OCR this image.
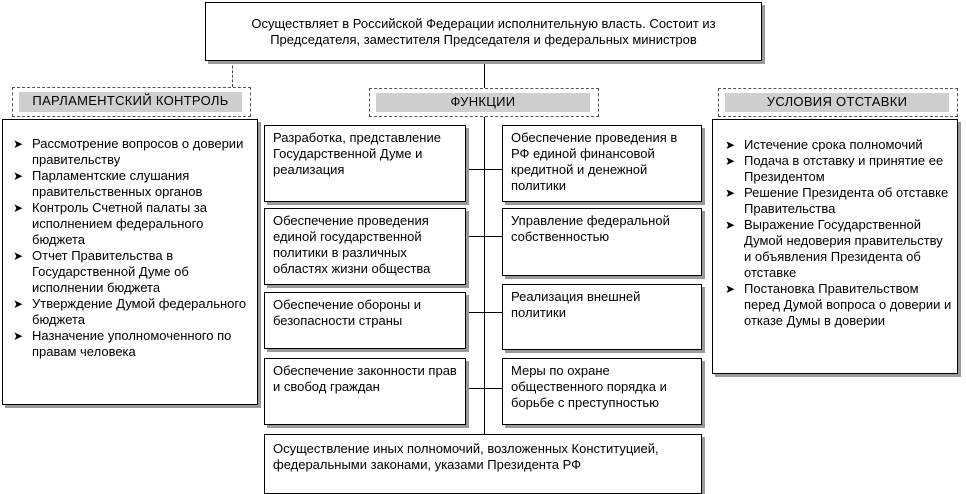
Осуществляет в Российской Федерации исполнительную власть. Состоит из Председателя, заместителя Председателя и федеральных министров
ПАРЛАМЕНТСКИЙ КОНТРОЛЬ
➤ Рассмотрение вопросов о доверии правительству
➤ Парламентские слушания правительственных органов
➤ Контроль Счетной палаты за исполнением федерального бюджета
➤ Отчет Правительства в Государственной Думе об исполнении бюджета
➤ Утверждение Думой федерального бюджета
➤ Назначение уполномоченного по правам человека
ФУНКЦИИ
Разработка, представление Государственной Думе и реализация
Обеспечение проведения единой государственной политики в различных областях жизни общества
Обеспечение обороны и безопасности страны
Обеспечение законности прав и свобод граждан
Обеспечение проведения в РФ единой финансовой кредитной и денежной политики
Управление федеральной собственностью
Реализация внешней политики
Меры по охране общественного порядка и борьбе с преступностью
Осуществление иных полномочий, возложенных Конституцией, федеральными законами, указами Президента РФ
УСЛОВИЯ ОТСТАВКИ
➤ Истечение срока полномочий
➤ Подача в отставку и принятие ее Президентом
➤ Решение Президента об отставке Правительства
➤ Выражение Государственной Думой недоверия правительству и объявления Президента об отставке
➤ Постановка Правительством перед Думой вопроса о доверии и отказе Думы в доверии
